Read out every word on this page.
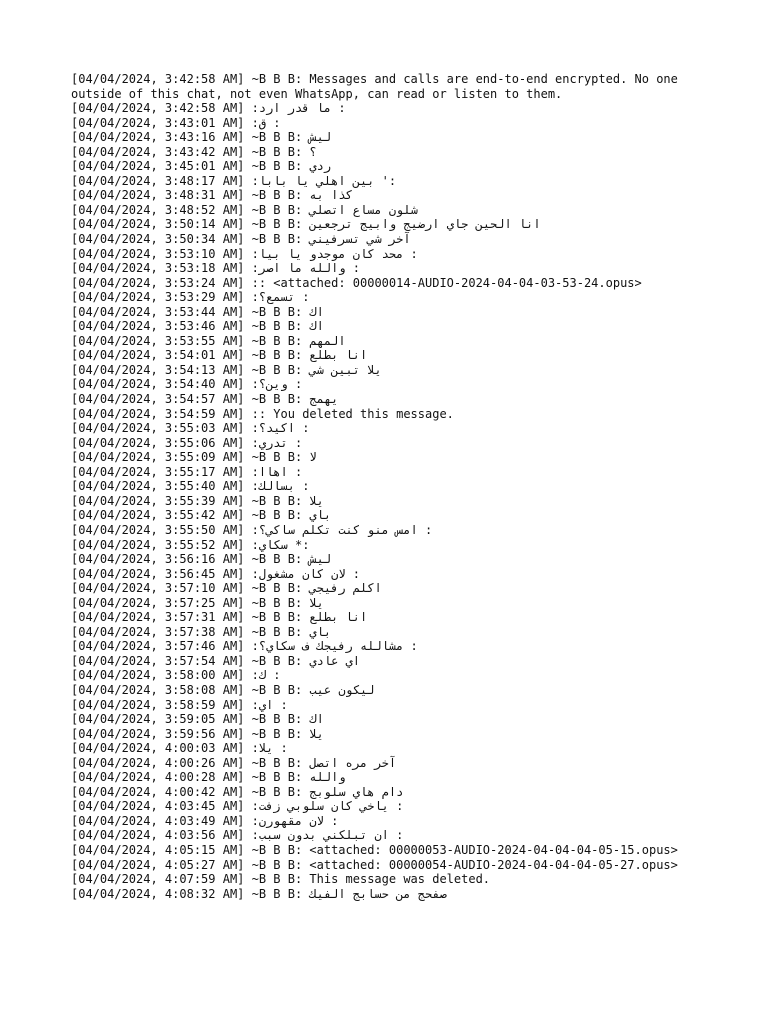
[04/04/2024, 3:42:58 AM] ~B B B: Messages and calls are end-to-end encrypted. No one outside of this chat, not even WhatsApp, can read or listen to them.
[04/04/2024, 3:42:58 AM] :‏: ما قدر ارد
[04/04/2024, 3:43:01 AM] :‏: ق
[04/04/2024, 3:43:16 AM] ~B B B: ليش
[04/04/2024, 3:43:42 AM] ~B B B: ؟
[04/04/2024, 3:45:01 AM] ~B B B: ردي
[04/04/2024, 3:48:17 AM] :‏:' بين اهلي يا بابا
[04/04/2024, 3:48:31 AM] ~B B B: كذا به
[04/04/2024, 3:48:52 AM] ~B B B: شلون مساع اتصلي
[04/04/2024, 3:50:14 AM] ~B B B: انا الحين جاي ارضيج وابيج ترجعين
[04/04/2024, 3:50:34 AM] ~B B B: آخر شي تسرفيني
[04/04/2024, 3:53:10 AM] :‏: محد كان موجدو يا بيا
[04/04/2024, 3:53:18 AM] :‏: والله ما اصر
[04/04/2024, 3:53:24 AM] :‏: <attached: 00000014-AUDIO-2024-04-04-03-53-24.opus>
[04/04/2024, 3:53:29 AM] :‏: تسمع؟
[04/04/2024, 3:53:44 AM] ~B B B: اك
[04/04/2024, 3:53:46 AM] ~B B B: اك
[04/04/2024, 3:53:55 AM] ~B B B: المهم
[04/04/2024, 3:54:01 AM] ~B B B: انا بطلع
[04/04/2024, 3:54:13 AM] ~B B B: يلا تبين شي
[04/04/2024, 3:54:40 AM] :‏: وين؟
[04/04/2024, 3:54:57 AM] ~B B B: يهمج
[04/04/2024, 3:54:59 AM] :‏: You deleted this message.
[04/04/2024, 3:55:03 AM] :‏: اكيد؟
[04/04/2024, 3:55:06 AM] :‏: تدري
[04/04/2024, 3:55:09 AM] ~B B B: لا
[04/04/2024, 3:55:17 AM] :‏: اهاا
[04/04/2024, 3:55:40 AM] :‏: بسالك
[04/04/2024, 3:55:39 AM] ~B B B: يلا
[04/04/2024, 3:55:42 AM] ~B B B: باي
[04/04/2024, 3:55:50 AM] :‏: امس منو كنت تكلم ساكي؟
[04/04/2024, 3:55:52 AM] :‏:* سكاي
[04/04/2024, 3:56:16 AM] ~B B B: ليش
[04/04/2024, 3:56:45 AM] :‏: لان كان مشغول
[04/04/2024, 3:57:10 AM] ~B B B: اكلم رفيجي
[04/04/2024, 3:57:25 AM] ~B B B: يلا
[04/04/2024, 3:57:31 AM] ~B B B: انا بطلع
[04/04/2024, 3:57:38 AM] ~B B B: باي
[04/04/2024, 3:57:46 AM] :‏: مشالله رفيجك ف سكاي؟
[04/04/2024, 3:57:54 AM] ~B B B: اي عادي
[04/04/2024, 3:58:00 AM] :‏: ك
[04/04/2024, 3:58:08 AM] ~B B B: ليكون عيب
[04/04/2024, 3:58:59 AM] :‏: اي
[04/04/2024, 3:59:05 AM] ~B B B: اك
[04/04/2024, 3:59:56 AM] ~B B B: يلا
[04/04/2024, 4:00:03 AM] :‏: يلا
[04/04/2024, 4:00:26 AM] ~B B B: آخر مره اتصل
[04/04/2024, 4:00:28 AM] ~B B B: والله
[04/04/2024, 4:00:42 AM] ~B B B: دام هاي سلوبج
[04/04/2024, 4:03:45 AM] :‏: ياخي كان سلوبي زفت
[04/04/2024, 4:03:49 AM] :‏: لان مقهورن
[04/04/2024, 4:03:56 AM] :‏: ان تبلكني بدون سبب
[04/04/2024, 4:05:15 AM] ~B B B: <attached: 00000053-AUDIO-2024-04-04-04-05-15.opus>
[04/04/2024, 4:05:27 AM] ~B B B: <attached: 00000054-AUDIO-2024-04-04-04-05-27.opus>
[04/04/2024, 4:07:59 AM] ~B B B: This message was deleted.
[04/04/2024, 4:08:32 AM] ~B B B: صفحج من حسابج الفيك
